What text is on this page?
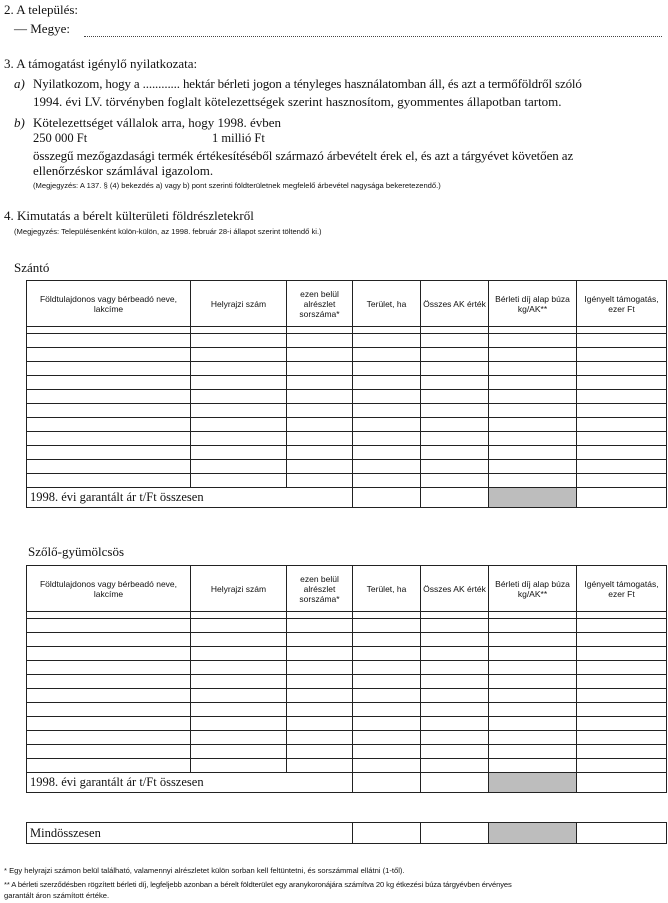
2. A település:
— Megye:
3. A támogatást igénylő nyilatkozata:
a) Nyilatkozom, hogy a ............ hektár bérleti jogon a tényleges használatomban áll, és azt a termőföldről szóló
1994. évi LV. törvényben foglalt kötelezettségek szerint hasznosítom, gyommentes állapotban tartom.
b) Kötelezettséget vállalok arra, hogy 1998. évben
250 000 Ft	1 millió Ft
összegű mezőgazdasági termék értékesítéséből származó árbevételt érek el, és azt a tárgyévet követően az
ellenőrzéskor számlával igazolom.
(Megjegyzés: A 137. § (4) bekezdés a) vagy b) pont szerinti földterületnek megfelelő árbevétel nagysága bekeretezendő.)
4. Kimutatás a bérelt külterületi földrészletekről
(Megjegyzés: Településenként külön-külön, az 1998. február 28-i állapot szerint töltendő ki.)
Szántó
Földtulajdonos vagy bérbeadó neve, lakcíme	Helyrajzi szám	ezen belül alrészlet sorszáma*	Terület, ha	Összes AK érték	Bérleti díj alap búza kg/AK**	Igényelt támogatás, ezer Ft

1998. évi garantált ár t/Ft összesen						
Szőlő-gyümölcsös
Földtulajdonos vagy bérbeadó neve, lakcíme	Helyrajzi szám	ezen belül alrészlet sorszáma*	Terület, ha	Összes AK érték	Bérleti díj alap búza kg/AK**	Igényelt támogatás, ezer Ft

1998. évi garantált ár t/Ft összesen						
Mindösszesen				
* Egy helyrajzi számon belül található, valamennyi alrészletet külön sorban kell feltüntetni, és sorszámmal ellátni (1-től).
** A bérleti szerződésben rögzített bérleti díj, legfeljebb azonban a bérelt földterület egy aranykoronájára számítva 20 kg étkezési búza tárgyévben érvényes
garantált áron számított értéke.
